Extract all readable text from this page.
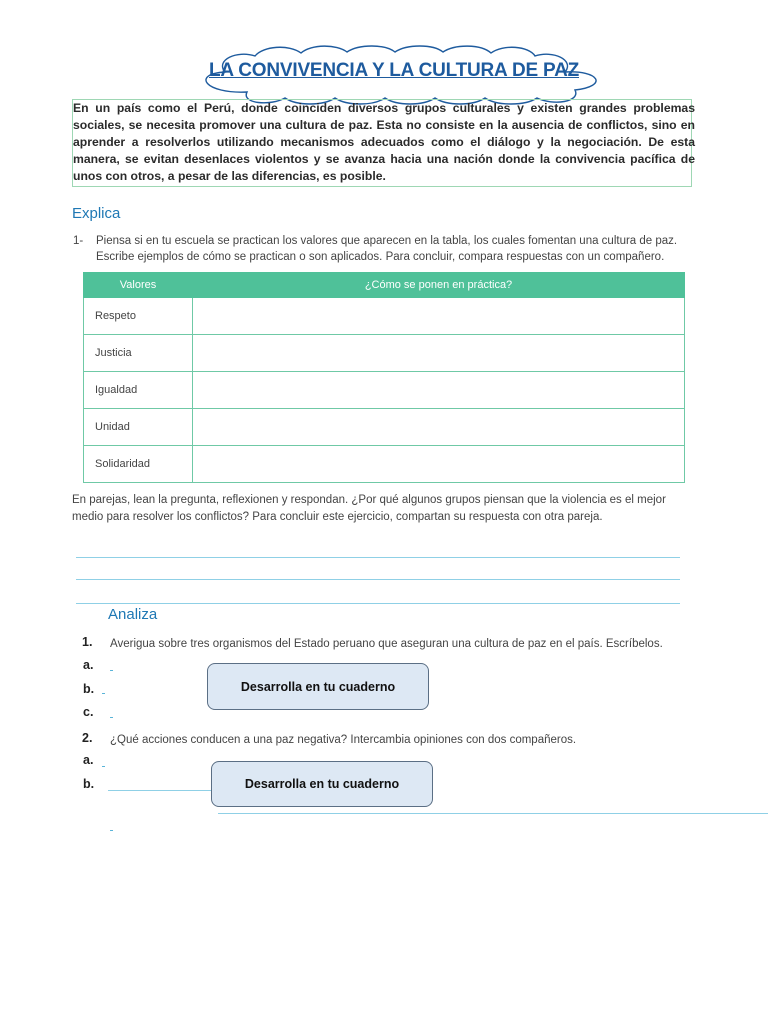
LA CONVIVENCIA Y LA CULTURA DE PAZ
En un país como el Perú, donde coinciden diversos grupos culturales y existen grandes problemas sociales, se necesita promover una cultura de paz. Esta no consiste en la ausencia de conflictos, sino en aprender a resolverlos utilizando mecanismos adecuados como el diálogo y la negociación. De esta manera, se evitan desenlaces violentos y se avanza hacia una nación donde la convivencia pacífica de unos con otros, a pesar de las diferencias, es posible.
Explica
1- Piensa si en tu escuela se practican los valores que aparecen en la tabla, los cuales fomentan una cultura de paz. Escribe ejemplos de cómo se practican o son aplicados. Para concluir, compara respuestas con un compañero.
Valores	¿Cómo se ponen en práctica?
Respeto	
Justicia	
Igualdad	
Unidad	
Solidaridad	
En parejas, lean la pregunta, reflexionen y respondan. ¿Por qué algunos grupos piensan que la violencia es el mejor medio para resolver los conflictos? Para concluir este ejercicio, compartan su respuesta con otra pareja.
Analiza
1. Averigua sobre tres organismos del Estado peruano que aseguran una cultura de paz en el país. Escríbelos.
a.
b.
c.
Desarrolla en tu cuaderno
2. ¿Qué acciones conducen a una paz negativa? Intercambia opiniones con dos compañeros.
a.
b.	Desarrolla en tu cuaderno
